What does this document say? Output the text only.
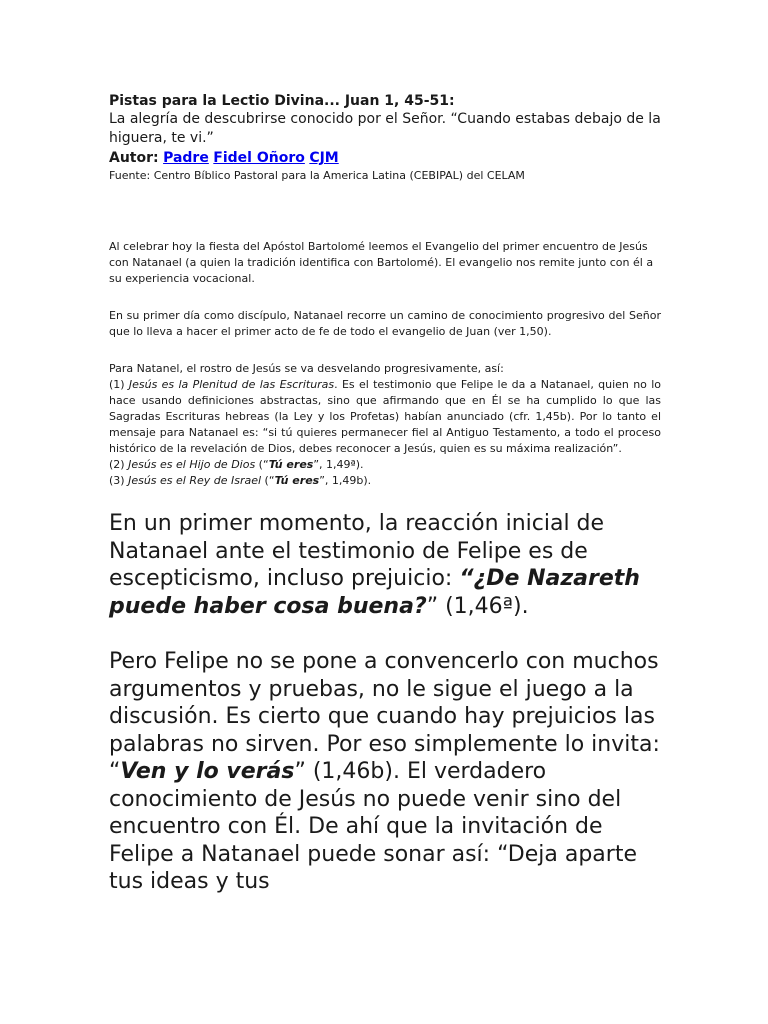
Pistas para la Lectio Divina... Juan 1, 45-51:

La alegría de descubrirse conocido por el Señor. “Cuando estabas debajo de la higuera, te vi.”

Autor: Padre Fidel Oñoro CJM

Fuente: Centro Bíblico Pastoral para la America Latina (CEBIPAL) del CELAM

Al celebrar hoy la fiesta del Apóstol Bartolomé leemos el Evangelio del primer encuentro de Jesús con Natanael (a quien la tradición identifica con Bartolomé). El evangelio nos remite junto con él a su experiencia vocacional.

En su primer día como discípulo, Natanael recorre un camino de conocimiento progresivo del Señor que lo lleva a hacer el primer acto de fe de todo el evangelio de Juan (ver 1,50).

Para Natanel, el rostro de Jesús se va desvelando progresivamente, así:
(1) Jesús es la Plenitud de las Escrituras. Es el testimonio que Felipe le da a Natanael, quien no lo hace usando definiciones abstractas, sino que afirmando que en Él se ha cumplido lo que las Sagradas Escrituras hebreas (la Ley y los Profetas) habían anunciado (cfr. 1,45b). Por lo tanto el mensaje para Natanael es: “si tú quieres permanecer fiel al Antiguo Testamento, a todo el proceso histórico de la revelación de Dios, debes reconocer a Jesús, quien es su máxima realización”.
(2) Jesús es el Hijo de Dios (“Tú eres”, 1,49ª).
(3) Jesús es el Rey de Israel (“Tú eres”, 1,49b).

En un primer momento, la reacción inicial de Natanael ante el testimonio de Felipe es de escepticismo, incluso prejuicio: “¿De Nazareth puede haber cosa buena?” (1,46ª).

Pero Felipe no se pone a convencerlo con muchos argumentos y pruebas, no le sigue el juego a la discusión. Es cierto que cuando hay prejuicios las palabras no sirven. Por eso simplemente lo invita: “Ven y lo verás” (1,46b). El verdadero conocimiento de Jesús no puede venir sino del encuentro con Él. De ahí que la invitación de Felipe a Natanael puede sonar así: “Deja aparte tus ideas y tus
